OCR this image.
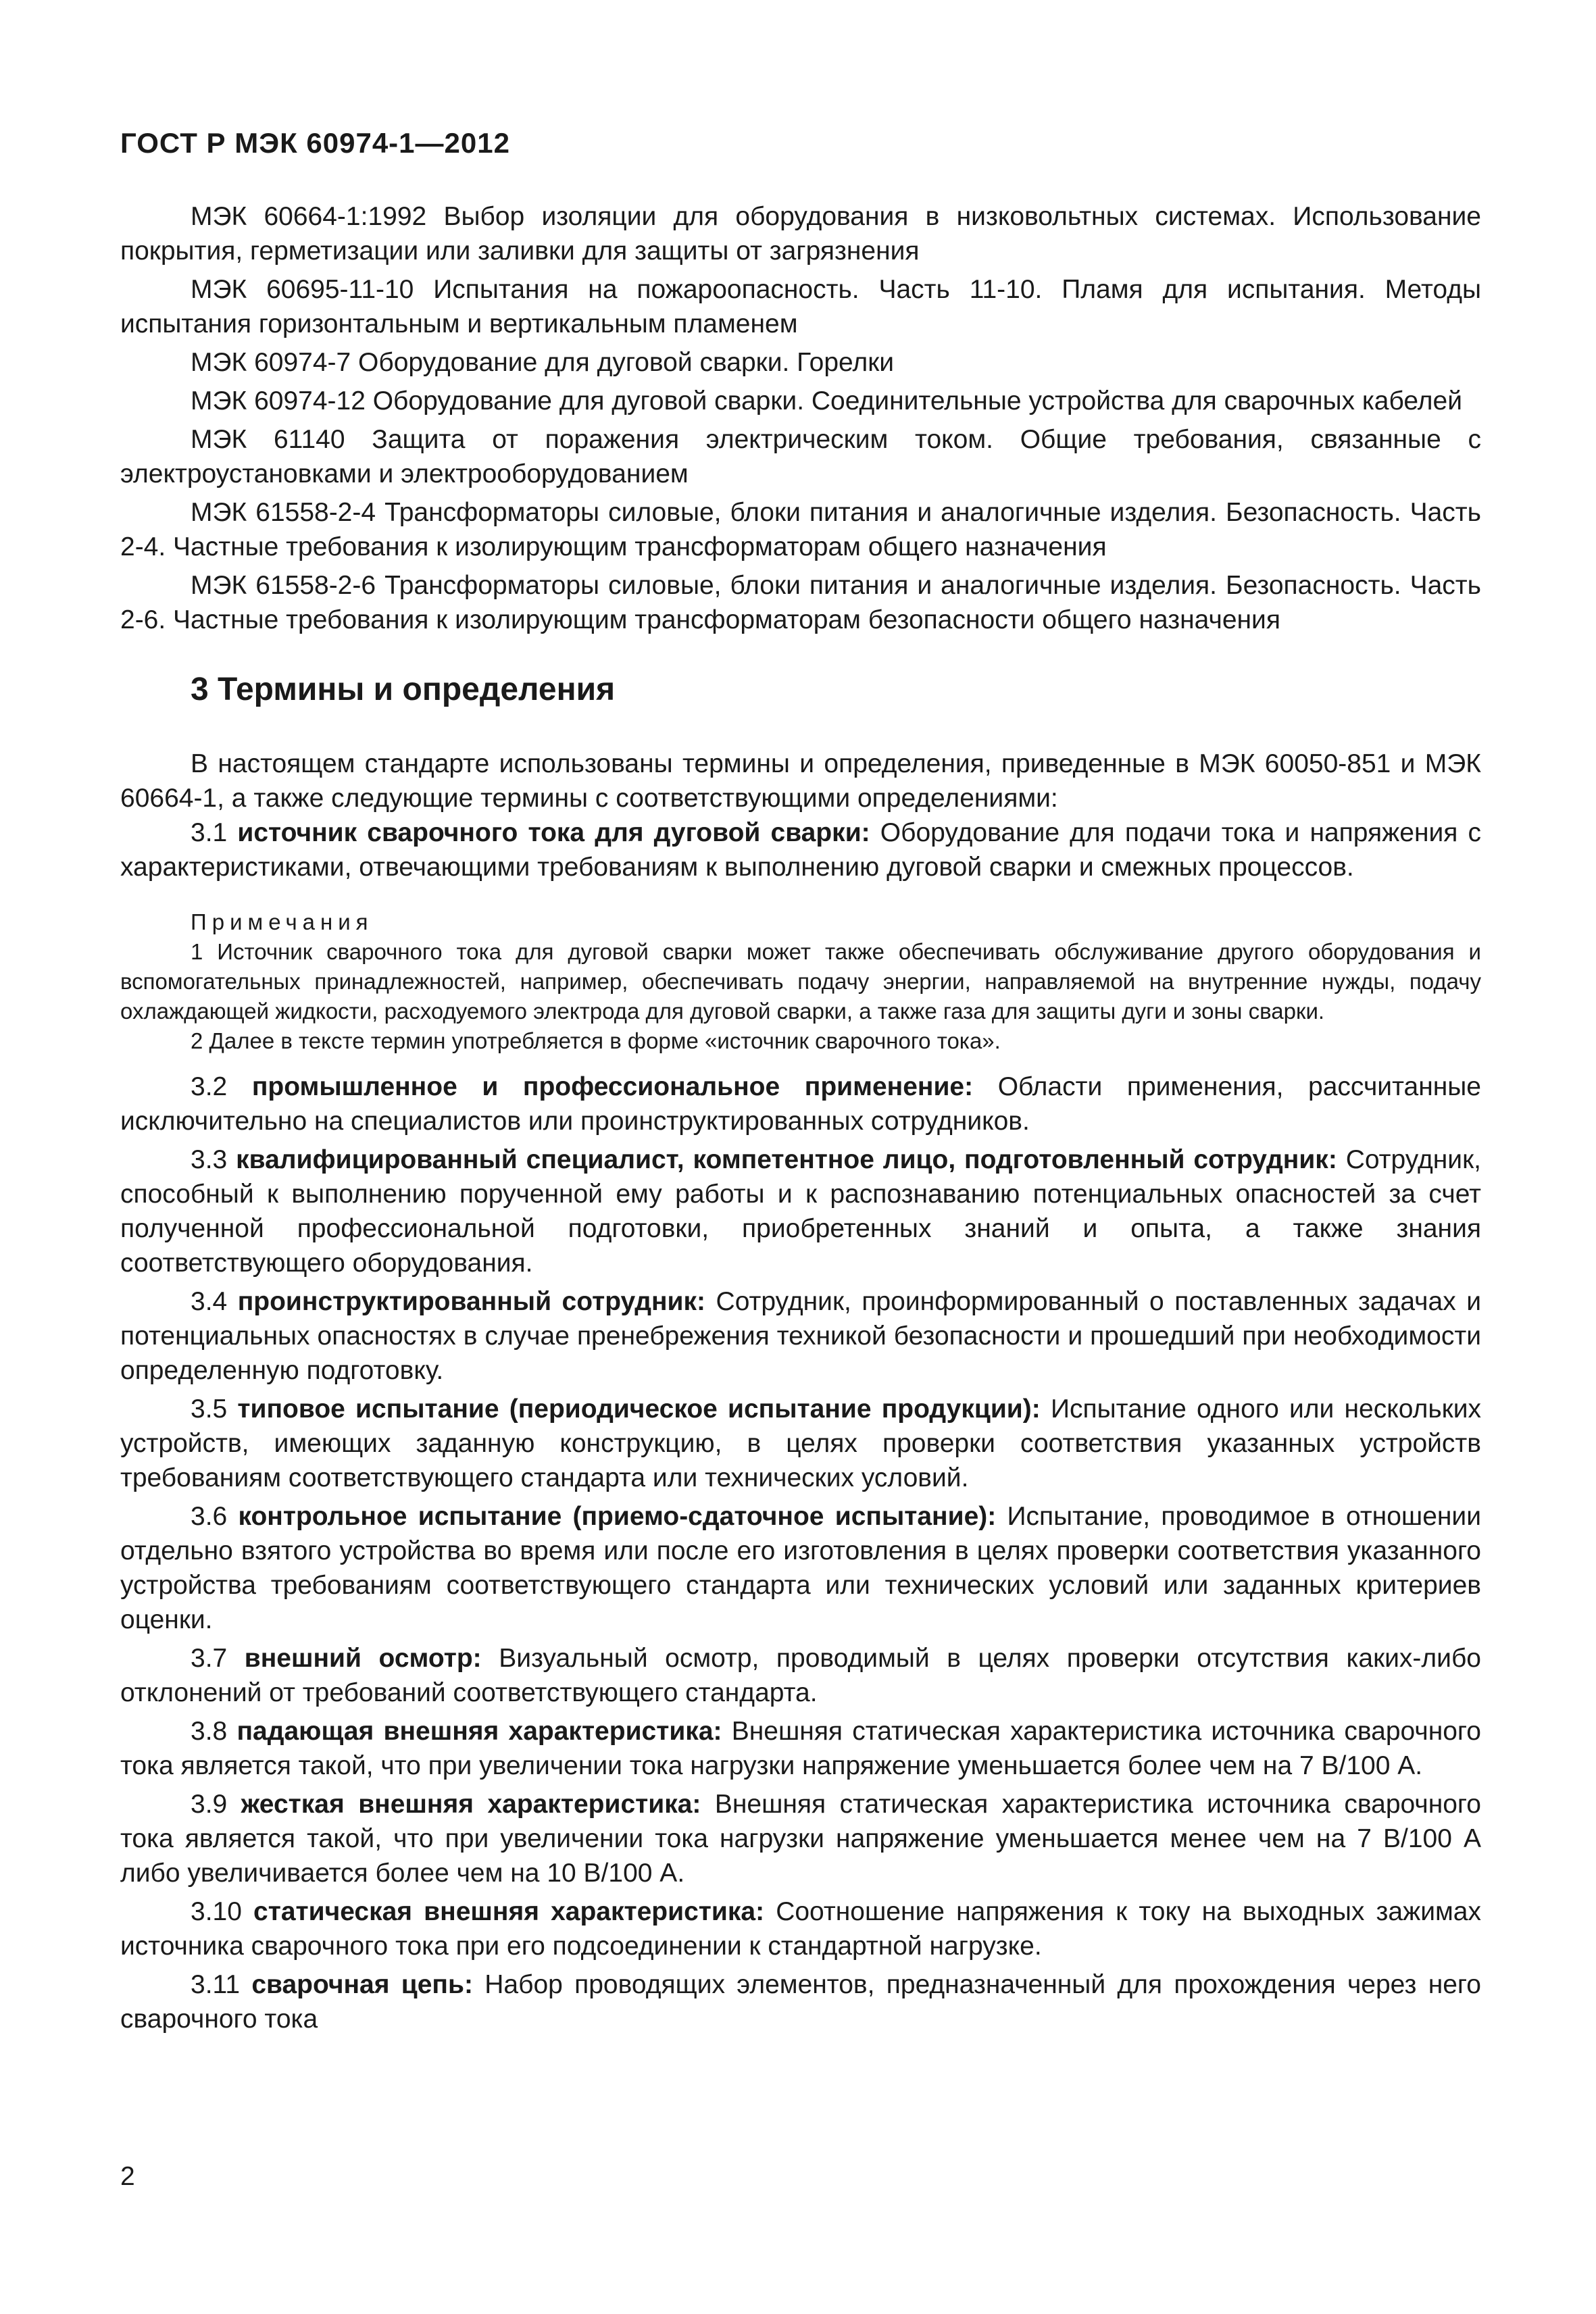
ГОСТ Р МЭК 60974-1—2012

МЭК 60664-1:1992 Выбор изоляции для оборудования в низковольтных системах. Использование покрытия, герметизации или заливки для защиты от загрязнения

МЭК 60695-11-10 Испытания на пожароопасность. Часть 11-10. Пламя для испытания. Методы испытания горизонтальным и вертикальным пламенем

МЭК 60974-7 Оборудование для дуговой сварки. Горелки

МЭК 60974-12 Оборудование для дуговой сварки. Соединительные устройства для сварочных кабелей

МЭК 61140 Защита от поражения электрическим током. Общие требования, связанные с электроустановками и электрооборудованием

МЭК 61558-2-4 Трансформаторы силовые, блоки питания и аналогичные изделия. Безопасность. Часть 2-4. Частные требования к изолирующим трансформаторам общего назначения

МЭК 61558-2-6 Трансформаторы силовые, блоки питания и аналогичные изделия. Безопасность. Часть 2-6. Частные требования к изолирующим трансформаторам безопасности общего назначения

3 Термины и определения

В настоящем стандарте использованы термины и определения, приведенные в МЭК 60050-851 и МЭК 60664-1, а также следующие термины с соответствующими определениями:

3.1 источник сварочного тока для дуговой сварки: Оборудование для подачи тока и напряжения с характеристиками, отвечающими требованиям к выполнению дуговой сварки и смежных процессов.

Примечания

1 Источник сварочного тока для дуговой сварки может также обеспечивать обслуживание другого оборудования и вспомогательных принадлежностей, например, обеспечивать подачу энергии, направляемой на внутренние нужды, подачу охлаждающей жидкости, расходуемого электрода для дуговой сварки, а также газа для защиты дуги и зоны сварки.

2 Далее в тексте термин употребляется в форме «источник сварочного тока».

3.2 промышленное и профессиональное применение: Области применения, рассчитанные исключительно на специалистов или проинструктированных сотрудников.

3.3 квалифицированный специалист, компетентное лицо, подготовленный сотрудник: Сотрудник, способный к выполнению порученной ему работы и к распознаванию потенциальных опасностей за счет полученной профессиональной подготовки, приобретенных знаний и опыта, а также знания соответствующего оборудования.

3.4 проинструктированный сотрудник: Сотрудник, проинформированный о поставленных задачах и потенциальных опасностях в случае пренебрежения техникой безопасности и прошедший при необходимости определенную подготовку.

3.5 типовое испытание (периодическое испытание продукции): Испытание одного или нескольких устройств, имеющих заданную конструкцию, в целях проверки соответствия указанных устройств требованиям соответствующего стандарта или технических условий.

3.6 контрольное испытание (приемо-сдаточное испытание): Испытание, проводимое в отношении отдельно взятого устройства во время или после его изготовления в целях проверки соответствия указанного устройства требованиям соответствующего стандарта или технических условий или заданных критериев оценки.

3.7 внешний осмотр: Визуальный осмотр, проводимый в целях проверки отсутствия каких-либо отклонений от требований соответствующего стандарта.

3.8 падающая внешняя характеристика: Внешняя статическая характеристика источника сварочного тока является такой, что при увеличении тока нагрузки напряжение уменьшается более чем на 7 В/100 А.

3.9 жесткая внешняя характеристика: Внешняя статическая характеристика источника сварочного тока является такой, что при увеличении тока нагрузки напряжение уменьшается менее чем на 7 В/100 А либо увеличивается более чем на 10 В/100 А.

3.10 статическая внешняя характеристика: Соотношение напряжения к току на выходных зажимах источника сварочного тока при его подсоединении к стандартной нагрузке.

3.11 сварочная цепь: Набор проводящих элементов, предназначенный для прохождения через него сварочного тока

2
